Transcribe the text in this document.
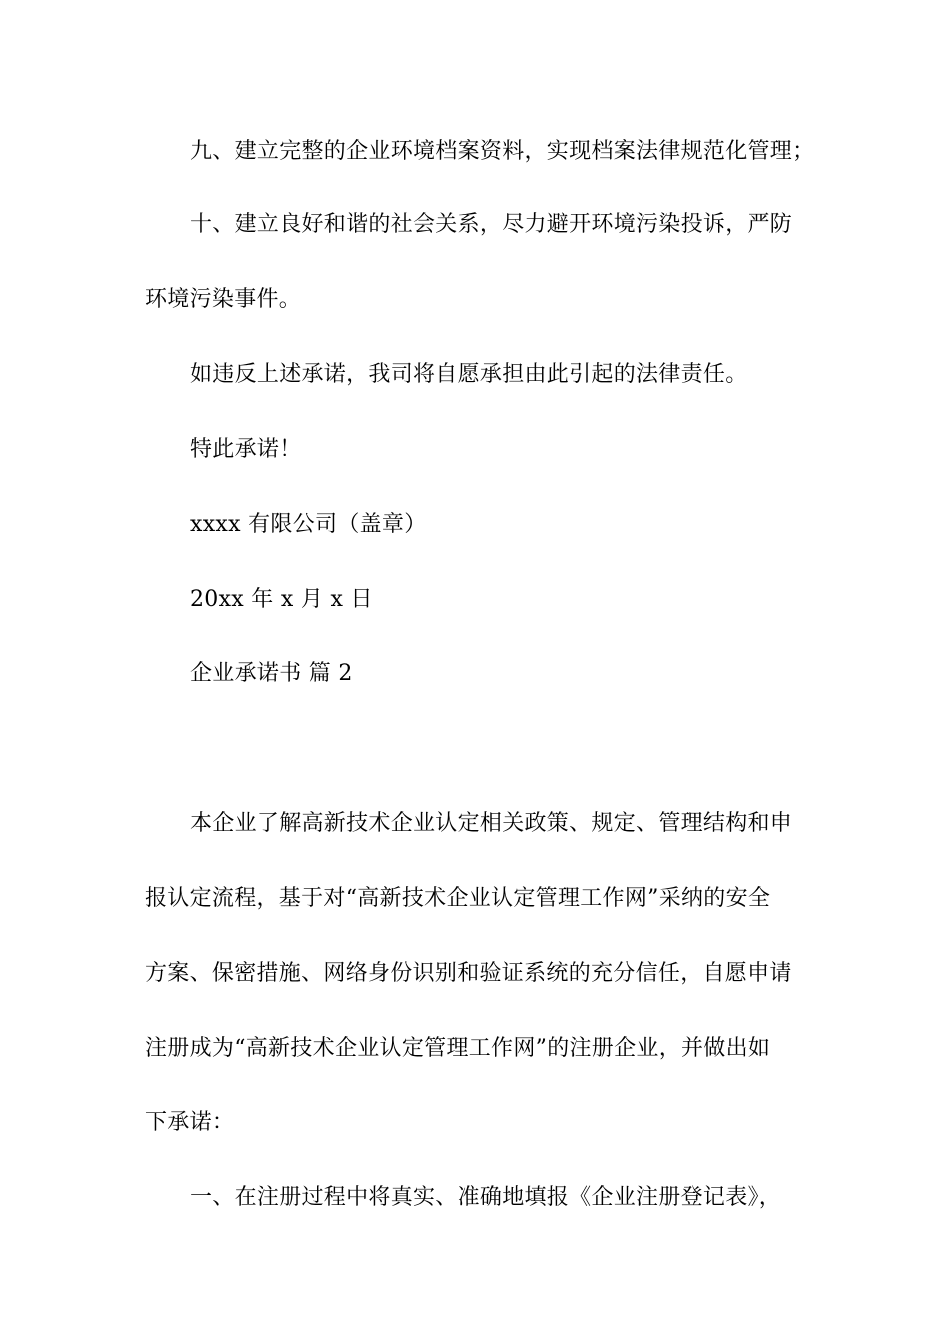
九、建立完整的企业环境档案资料，实现档案法律规范化管理；
十、建立良好和谐的社会关系，尽力避开环境污染投诉，严防
环境污染事件。
如违反上述承诺，我司将自愿承担由此引起的法律责任。
特此承诺！
xxxx 有限公司（盖章）
20xx 年 x 月 x 日
企业承诺书 篇 2
本企业了解高新技术企业认定相关政策、规定、管理结构和申
报认定流程，基于对“高新技术企业认定管理工作网”采纳的安全
方案、保密措施、网络身份识别和验证系统的充分信任，自愿申请
注册成为“高新技术企业认定管理工作网”的注册企业，并做出如
下承诺：
一、在注册过程中将真实、准确地填报《企业注册登记表》，
